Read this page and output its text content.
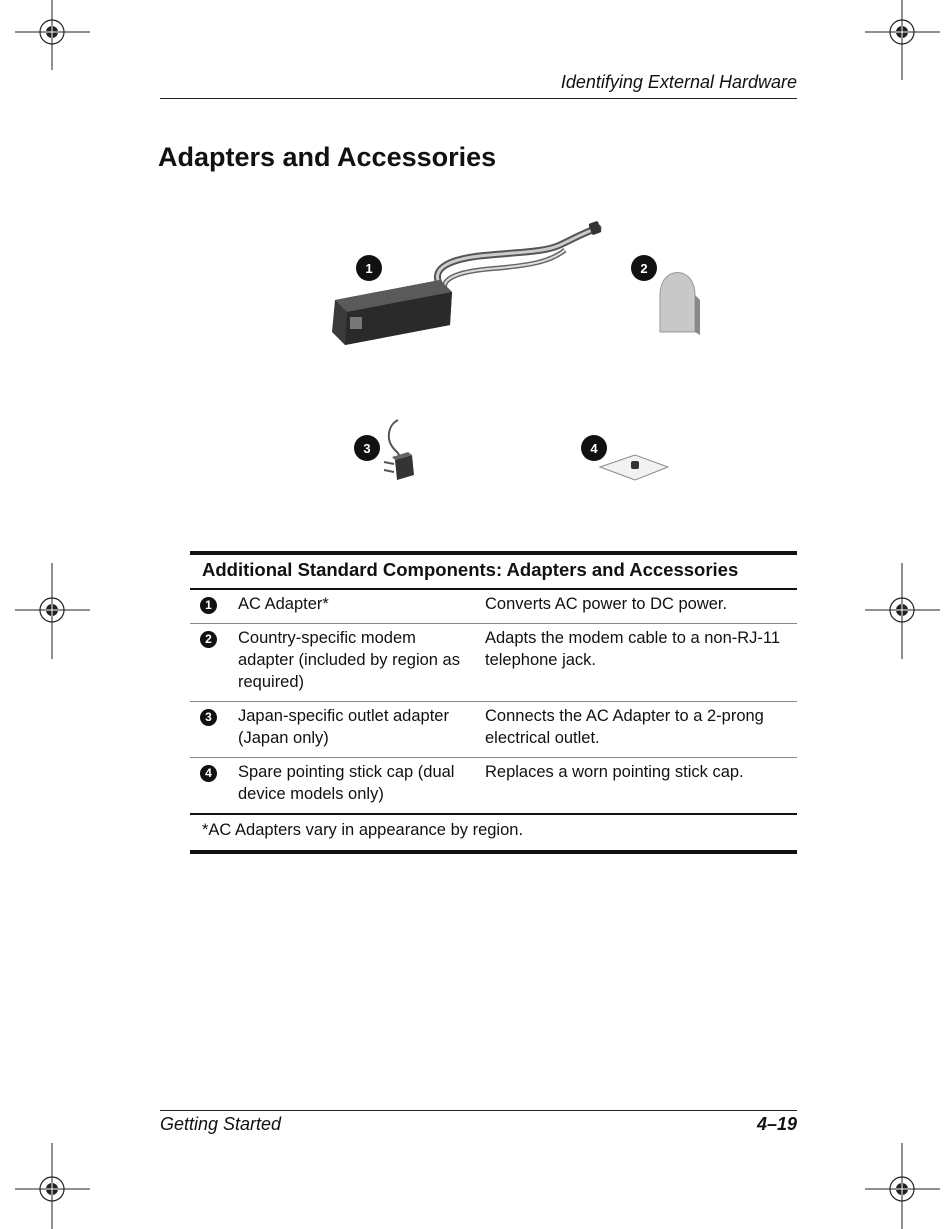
Identifying External Hardware
Adapters and Accessories
1	2
3	4
Additional Standard Components: Adapters and Accessories		
1	AC Adapter*	Converts AC power to DC power.
2	Country-specific modem adapter (included by region as required)	Adapts the modem cable to a non-RJ-11 telephone jack.
3	Japan-specific outlet adapter (Japan only)	Connects the AC Adapter to a 2-prong electrical outlet.
4	Spare pointing stick cap (dual device models only)	Replaces a worn pointing stick cap.
*AC Adapters vary in appearance by region.		
Getting Started	4–19
